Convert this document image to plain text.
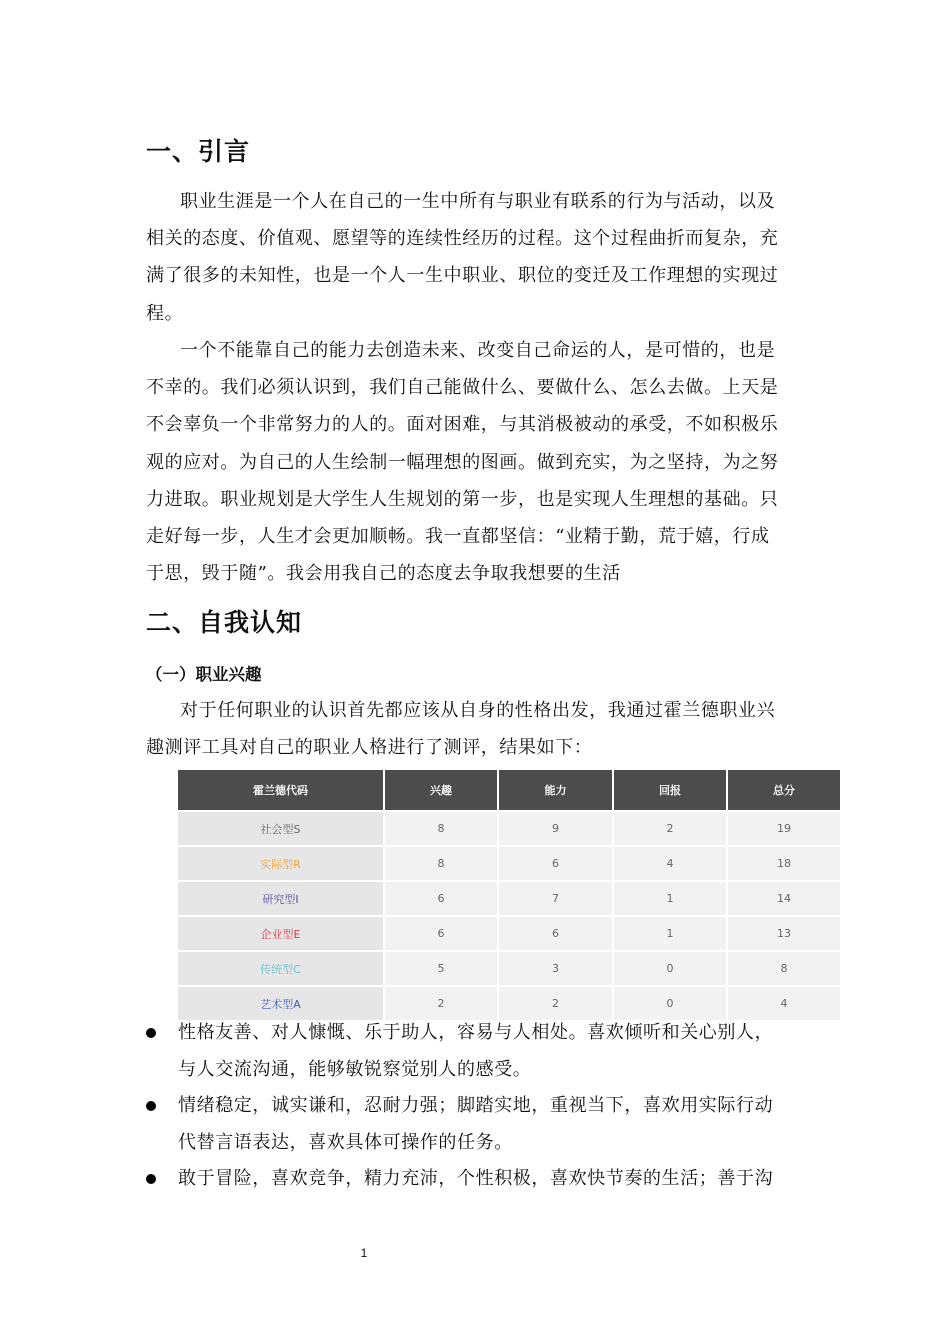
一、引言
职业生涯是一个人在自己的一生中所有与职业有联系的行为与活动，以及
相关的态度、价值观、愿望等的连续性经历的过程。这个过程曲折而复杂，充
满了很多的未知性，也是一个人一生中职业、职位的变迁及工作理想的实现过
程。
一个不能靠自己的能力去创造未来、改变自己命运的人，是可惜的，也是
不幸的。我们必须认识到，我们自己能做什么、要做什么、怎么去做。上天是
不会辜负一个非常努力的人的。面对困难，与其消极被动的承受，不如积极乐
观的应对。为自己的人生绘制一幅理想的图画。做到充实，为之坚持，为之努
力进取。职业规划是大学生人生规划的第一步，也是实现人生理想的基础。只
走好每一步，人生才会更加顺畅。我一直都坚信：“业精于勤，荒于嬉，行成
于思，毁于随”。我会用我自己的态度去争取我想要的生活
二、自我认知
（一）职业兴趣
对于任何职业的认识首先都应该从自身的性格出发，我通过霍兰德职业兴
趣测评工具对自己的职业人格进行了测评，结果如下：
霍兰德代码	兴趣	能力	回报	总分
社会型S	8	9	2	19
实际型R	8	6	4	18
研究型I	6	7	1	14
企业型E	6	6	1	13
传统型C	5	3	0	8
艺术型A	2	2	0	4
性格友善、对人慷慨、乐于助人，容易与人相处。喜欢倾听和关心别人，
与人交流沟通，能够敏锐察觉别人的感受。
情绪稳定，诚实谦和，忍耐力强；脚踏实地，重视当下，喜欢用实际行动
代替言语表达，喜欢具体可操作的任务。
敢于冒险，喜欢竞争，精力充沛，个性积极，喜欢快节奏的生活；善于沟
1
